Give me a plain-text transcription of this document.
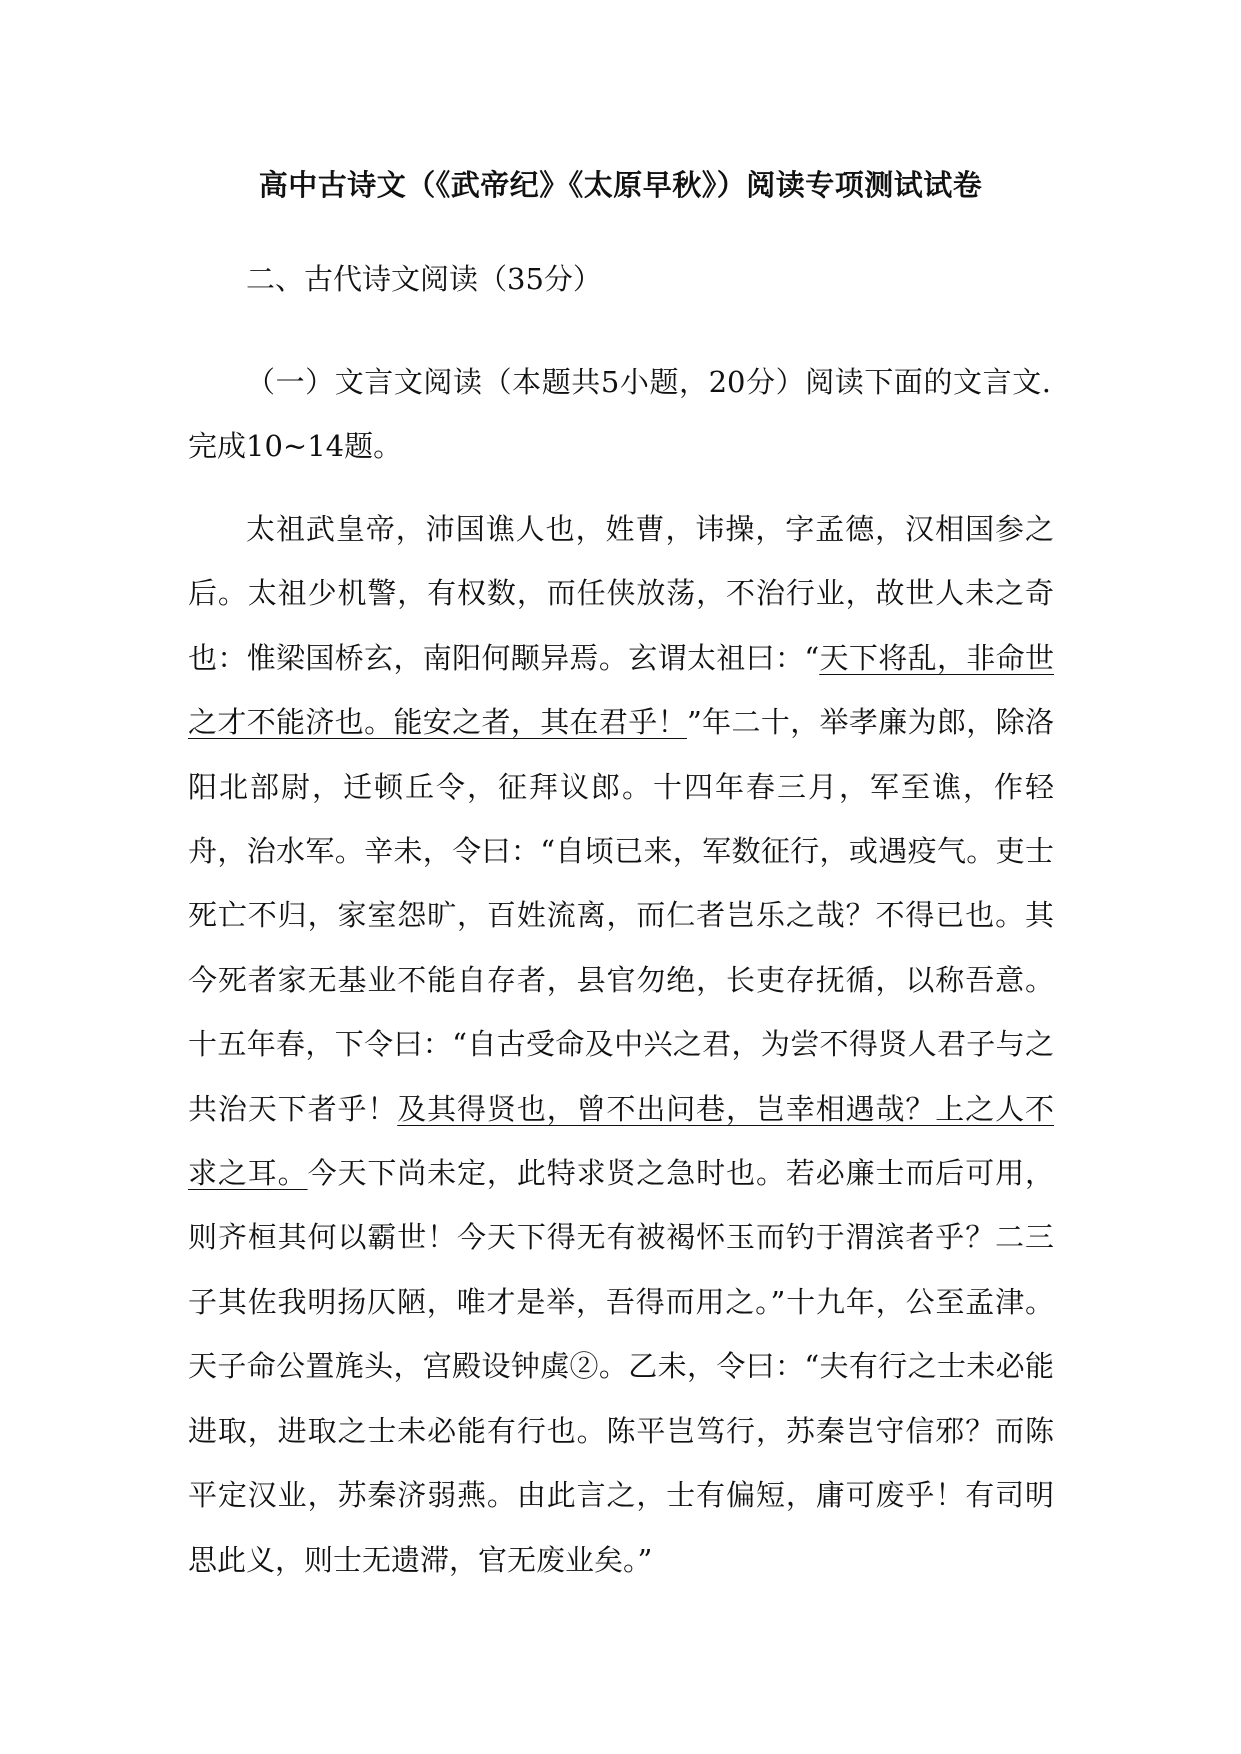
高中古诗文（《武帝纪》《太原早秋》）阅读专项测试试卷

二、古代诗文阅读（35分）

（一）文言文阅读（本题共5小题，20分）阅读下面的文言文.完成10~14题。

太祖武皇帝，沛国谯人也，姓曹，讳操，字孟德，汉相国参之后。太祖少机警，有权数，而任侠放荡，不治行业，故世人未之奇也：惟梁国桥玄，南阳何颙异焉。玄谓太祖曰：“天下将乱，非命世之才不能济也。能安之者，其在君乎！”年二十，举孝廉为郎，除洛阳北部尉，迁顿丘令，征拜议郎。十四年春三月，军至谯，作轻舟，治水军。辛未，令曰：“自顷已来，军数征行，或遇疫气。吏士死亡不归，家室怨旷，百姓流离，而仁者岂乐之哉？不得已也。其今死者家无基业不能自存者，县官勿绝，长吏存抚循，以称吾意。十五年春，下令曰：“自古受命及中兴之君，为尝不得贤人君子与之共治天下者乎！及其得贤也，曾不出问巷，岂幸相遇哉？上之人不求之耳。今天下尚未定，此特求贤之急时也。若必廉士而后可用，则齐桓其何以霸世！今天下得无有被褐怀玉而钓于渭滨者乎？二三子其佐我明扬仄陋，唯才是举，吾得而用之。”十九年，公至孟津。天子命公置旄头，宫殿设钟虡②。乙未，令曰：“夫有行之士未必能进取，进取之士未必能有行也。陈平岂笃行，苏秦岂守信邪？而陈平定汉业，苏秦济弱燕。由此言之，士有偏短，庸可废乎！有司明思此义，则士无遗滞，官无废业矣。”
